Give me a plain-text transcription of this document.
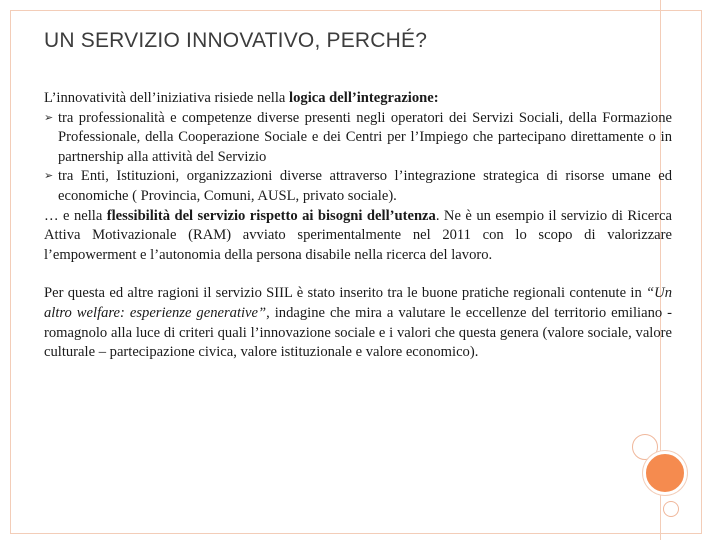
UN SERVIZIO INNOVATIVO, PERCHÉ?

L’innovatività dell’iniziativa risiede nella logica dell’integrazione:

➢ tra professionalità e competenze diverse presenti negli operatori dei Servizi Sociali, della Formazione Professionale, della Cooperazione Sociale e dei Centri per l’Impiego che partecipano direttamente o in partnership alla attività del Servizio

➢ tra Enti, Istituzioni, organizzazioni diverse attraverso l’integrazione strategica di risorse umane ed economiche ( Provincia, Comuni, AUSL, privato sociale).

… e nella flessibilità del servizio rispetto ai bisogni dell’utenza. Ne è un esempio il servizio di Ricerca Attiva Motivazionale (RAM) avviato sperimentalmente nel 2011 con lo scopo di valorizzare l’empowerment e l’autonomia della persona disabile nella ricerca del lavoro.

Per questa ed altre ragioni il servizio SIIL è stato inserito tra le buone pratiche regionali contenute in “Un altro welfare: esperienze generative”, indagine che mira a valutare le eccellenze del territorio emiliano - romagnolo alla luce di criteri quali l’innovazione sociale e i valori che questa genera (valore sociale, valore culturale – partecipazione civica, valore istituzionale e valore economico).
